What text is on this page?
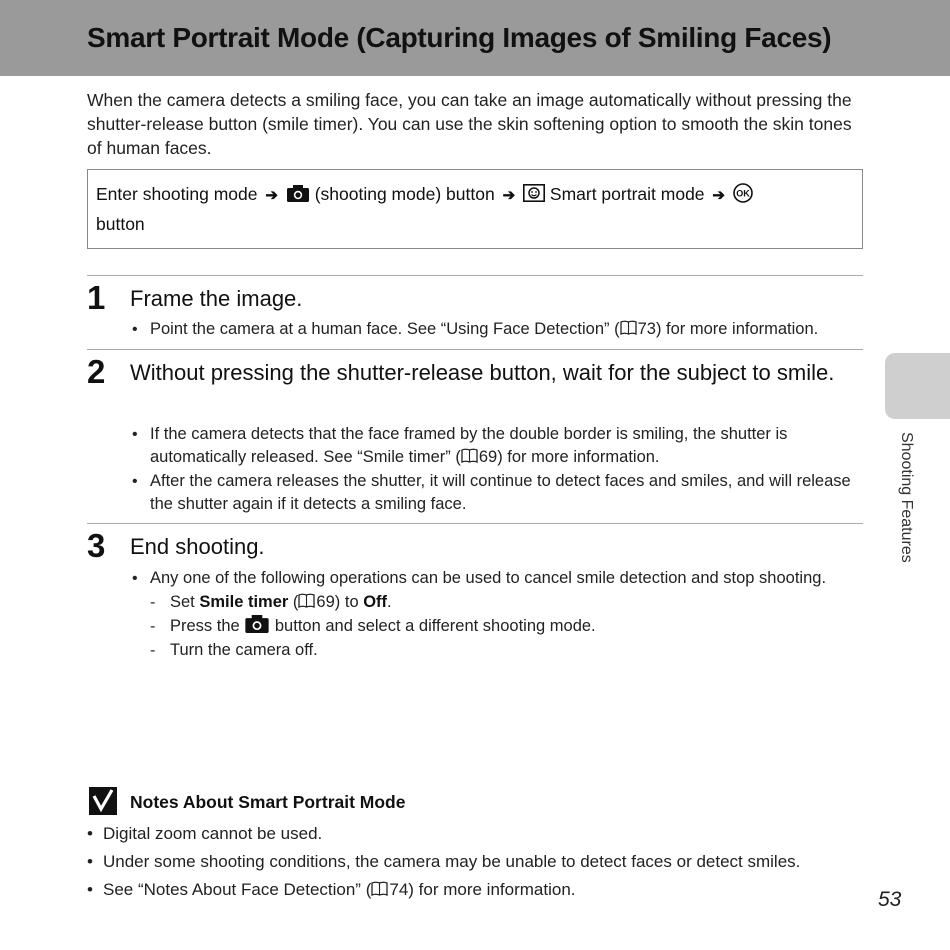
Smart Portrait Mode (Capturing Images of Smiling Faces)

When the camera detects a smiling face, you can take an image automatically without pressing the shutter-release button (smile timer). You can use the skin softening option to smooth the skin tones of human faces.

Enter shooting mode ➔ (shooting mode) button ➔ Smart portrait mode ➔ OK

button
1 Frame the image.
• Point the camera at a human face. See “Using Face Detection” ( 73) for more information.
2 Without pressing the shutter-release button, wait for the subject to smile.
• If the camera detects that the face framed by the double border is smiling, the shutter is automatically released. See “Smile timer” ( 69) for more information.
• After the camera releases the shutter, it will continue to detect faces and smiles, and will release the shutter again if it detects a smiling face.
3 End shooting.
• Any one of the following operations can be used to cancel smile detection and stop shooting.
- Set Smile timer ( 69) to Off.
- Press the  button and select a different shooting mode.
- Turn the camera off.
Shooting Features
Notes About Smart Portrait Mode
• Digital zoom cannot be used.
• Under some shooting conditions, the camera may be unable to detect faces or detect smiles.
• See “Notes About Face Detection” ( 74) for more information.	53
